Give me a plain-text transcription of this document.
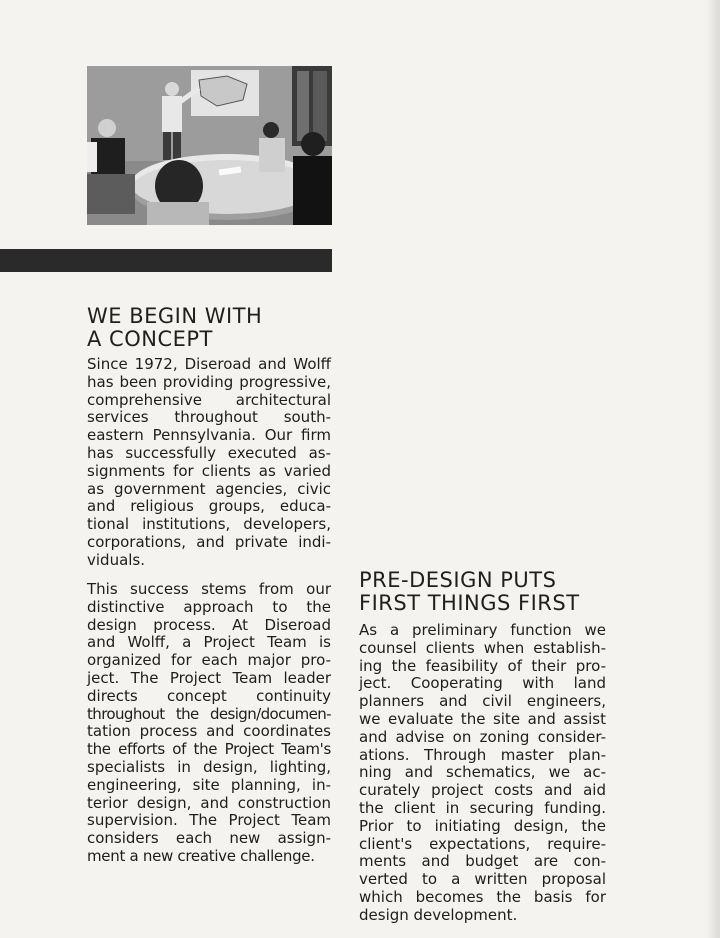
WE BEGIN WITH
A CONCEPT
Since 1972, Diseroad and Wolff
has been providing progressive,
comprehensive architectural
services throughout south-
eastern Pennsylvania. Our firm
has successfully executed as-
signments for clients as varied
as government agencies, civic
and religious groups, educa-
tional institutions, developers,
corporations, and private indi-
viduals.
This success stems from our
distinctive approach to the
design process. At Diseroad
and Wolff, a Project Team is
organized for each major pro-
ject. The Project Team leader
directs concept continuity
throughout the design/documen-
tation process and coordinates
the efforts of the Project Team's
specialists in design, lighting,
engineering, site planning, in-
terior design, and construction
supervision. The Project Team
considers each new assign-
ment a new creative challenge.
PRE-DESIGN PUTS
FIRST THINGS FIRST
As a preliminary function we
counsel clients when establish-
ing the feasibility of their pro-
ject. Cooperating with land
planners and civil engineers,
we evaluate the site and assist
and advise on zoning consider-
ations. Through master plan-
ning and schematics, we ac-
curately project costs and aid
the client in securing funding.
Prior to initiating design, the
client's expectations, require-
ments and budget are con-
verted to a written proposal
which becomes the basis for
design development.
